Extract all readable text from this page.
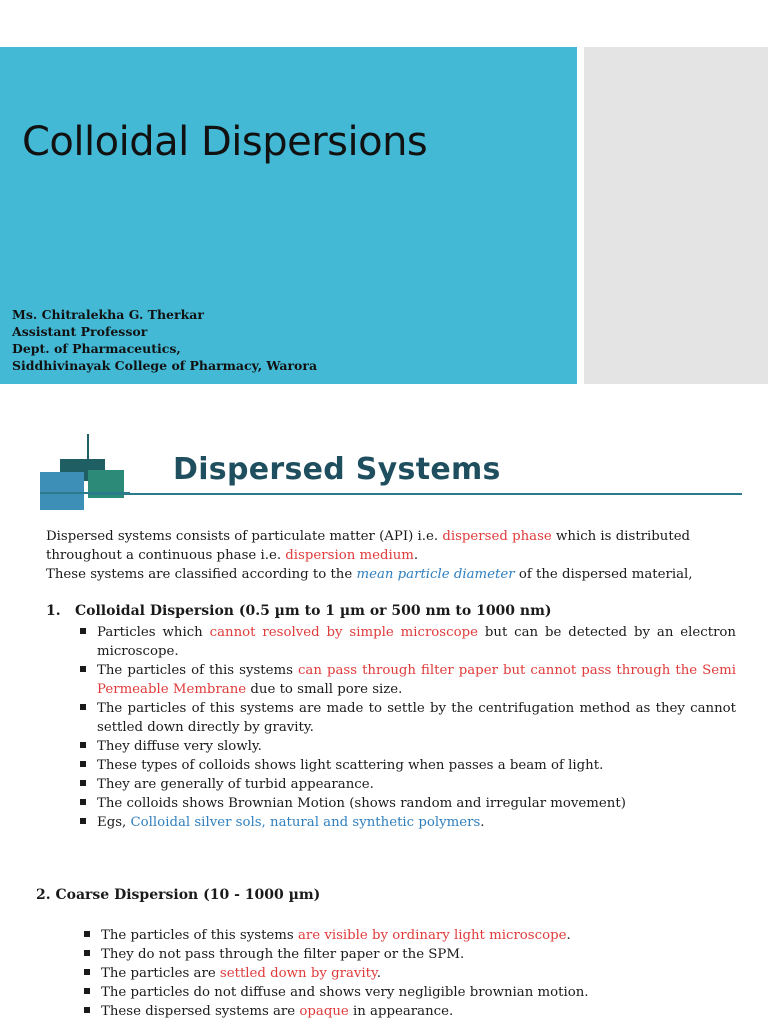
Colloidal Dispersions
Ms. Chitralekha G. Therkar
Assistant Professor
Dept. of Pharmaceutics,
Siddhivinayak College of Pharmacy, Warora
Dispersed Systems

Dispersed systems consists of particulate matter (API) i.e. dispersed phase which is distributed

throughout a continuous phase i.e. dispersion medium.

These systems are classified according to the mean particle diameter of the dispersed material,

1. Colloidal Dispersion (0.5 µm to 1 µm or 500 nm to 1000 nm)
Particles which cannot resolved by simple microscope but can be detected by an electron microscope.
The particles of this systems can pass through filter paper but cannot pass through the Semi Permeable Membrane due to small pore size.
The particles of this systems are made to settle by the centrifugation method as they cannot settled down directly by gravity.
They diffuse very slowly.
These types of colloids shows light scattering when passes a beam of light.
They are generally of turbid appearance.
The colloids shows Brownian Motion (shows random and irregular movement)
Egs, Colloidal silver sols, natural and synthetic polymers.
2. Coarse Dispersion (10 - 1000 µm)
The particles of this systems are visible by ordinary light microscope.
They do not pass through the filter paper or the SPM.
The particles are settled down by gravity.
The particles do not diffuse and shows very negligible brownian motion.
These dispersed systems are opaque in appearance.
